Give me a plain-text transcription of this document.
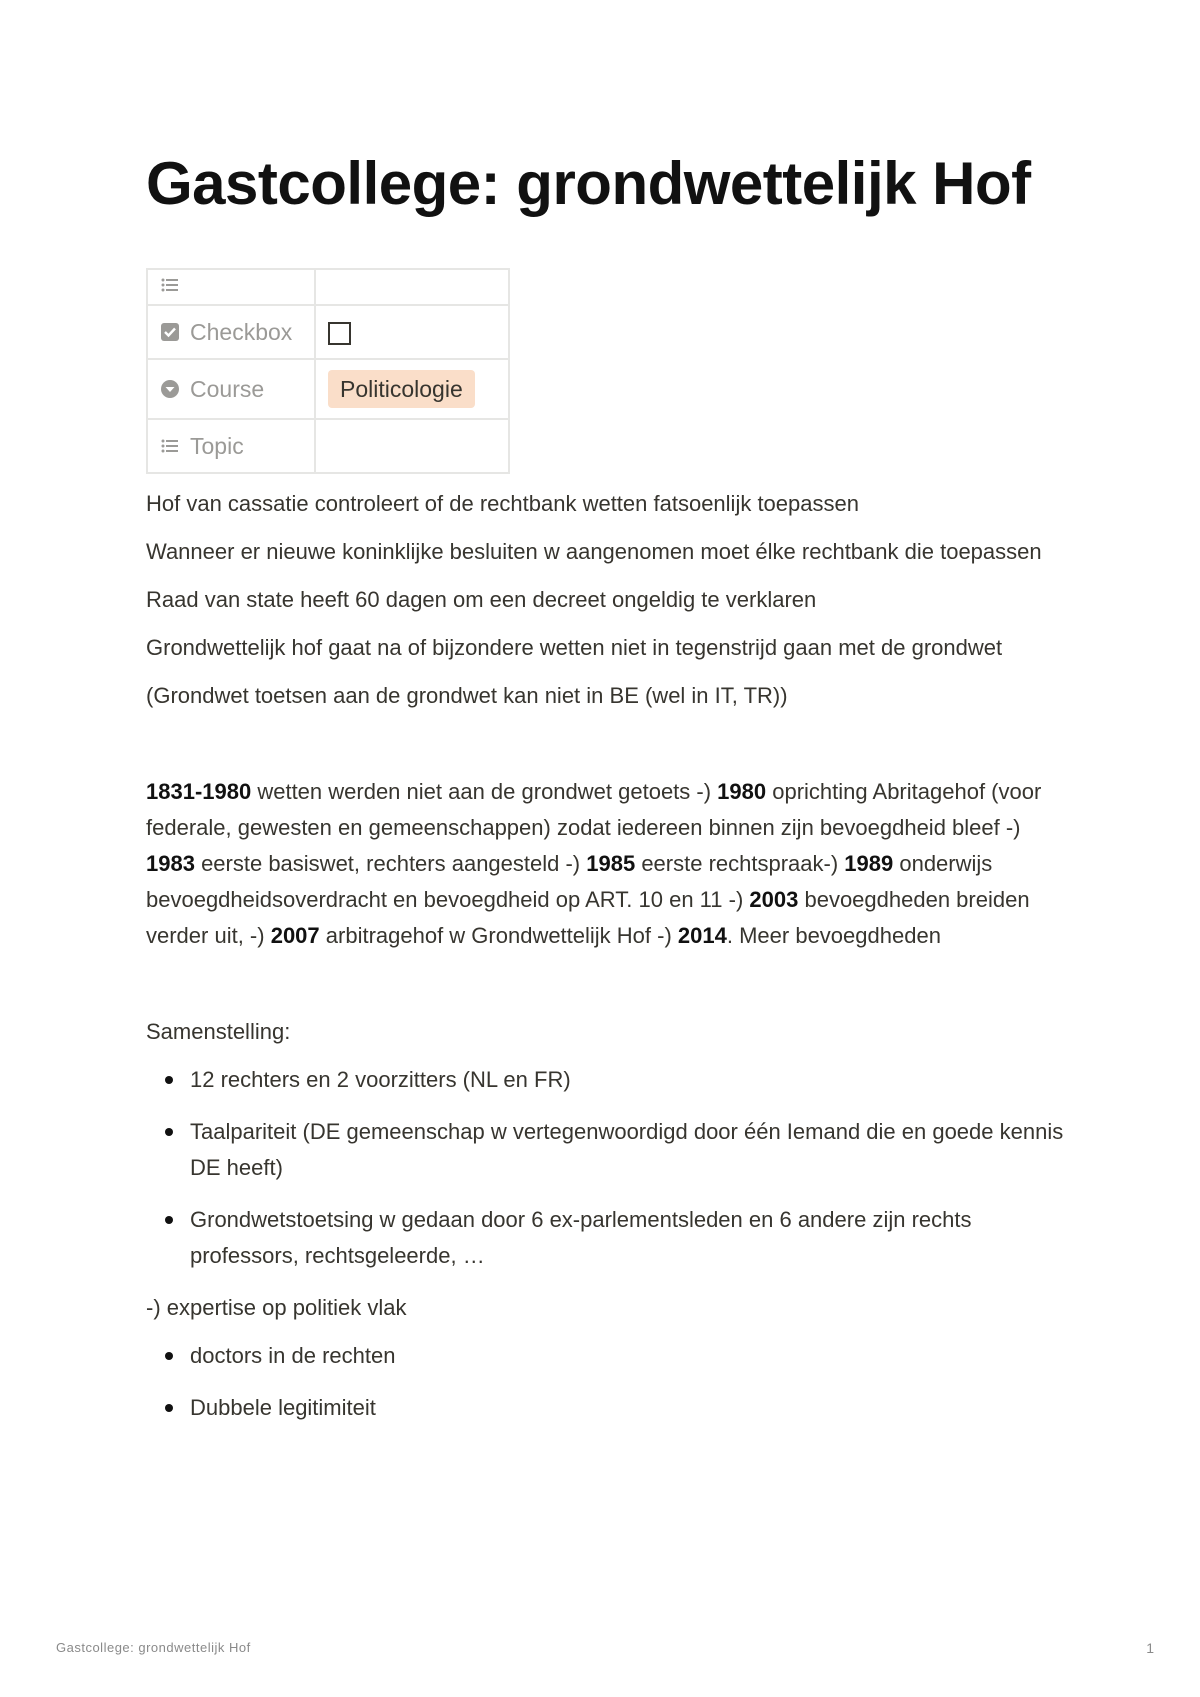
Gastcollege: grondwettelijk Hof

Checkbox	

Course	Politicologie

Topic	

Hof van cassatie controleert of de rechtbank wetten fatsoenlijk toepassen

Wanneer er nieuwe koninklijke besluiten w aangenomen moet élke rechtbank die toepassen

Raad van state heeft 60 dagen om een decreet ongeldig te verklaren

Grondwettelijk hof gaat na of bijzondere wetten niet in tegenstrijd gaan met de grondwet

(Grondwet toetsen aan de grondwet kan niet in BE (wel in IT, TR))

1831-1980 wetten werden niet aan de grondwet getoets -) 1980 oprichting Abritagehof (voor federale, gewesten en gemeenschappen) zodat iedereen binnen zijn bevoegdheid bleef -) 1983 eerste basiswet, rechters aangesteld -) 1985 eerste rechtspraak-) 1989 onderwijs bevoegdheidsoverdracht en bevoegdheid op ART. 10 en 11 -) 2003 bevoegdheden breiden verder uit, -) 2007 arbitragehof w Grondwettelijk Hof -) 2014. Meer bevoegdheden

Samenstelling:

12 rechters en 2 voorzitters (NL en FR)
Taalpariteit (DE gemeenschap w vertegenwoordigd door één Iemand die en goede kennis DE heeft)
Grondwetstoetsing w gedaan door 6 ex-parlementsleden en 6 andere zijn rechts professors, rechtsgeleerde, …

-) expertise op politiek vlak

doctors in de rechten
Dubbele legitimiteit
Gastcollege: grondwettelijk Hof	1
